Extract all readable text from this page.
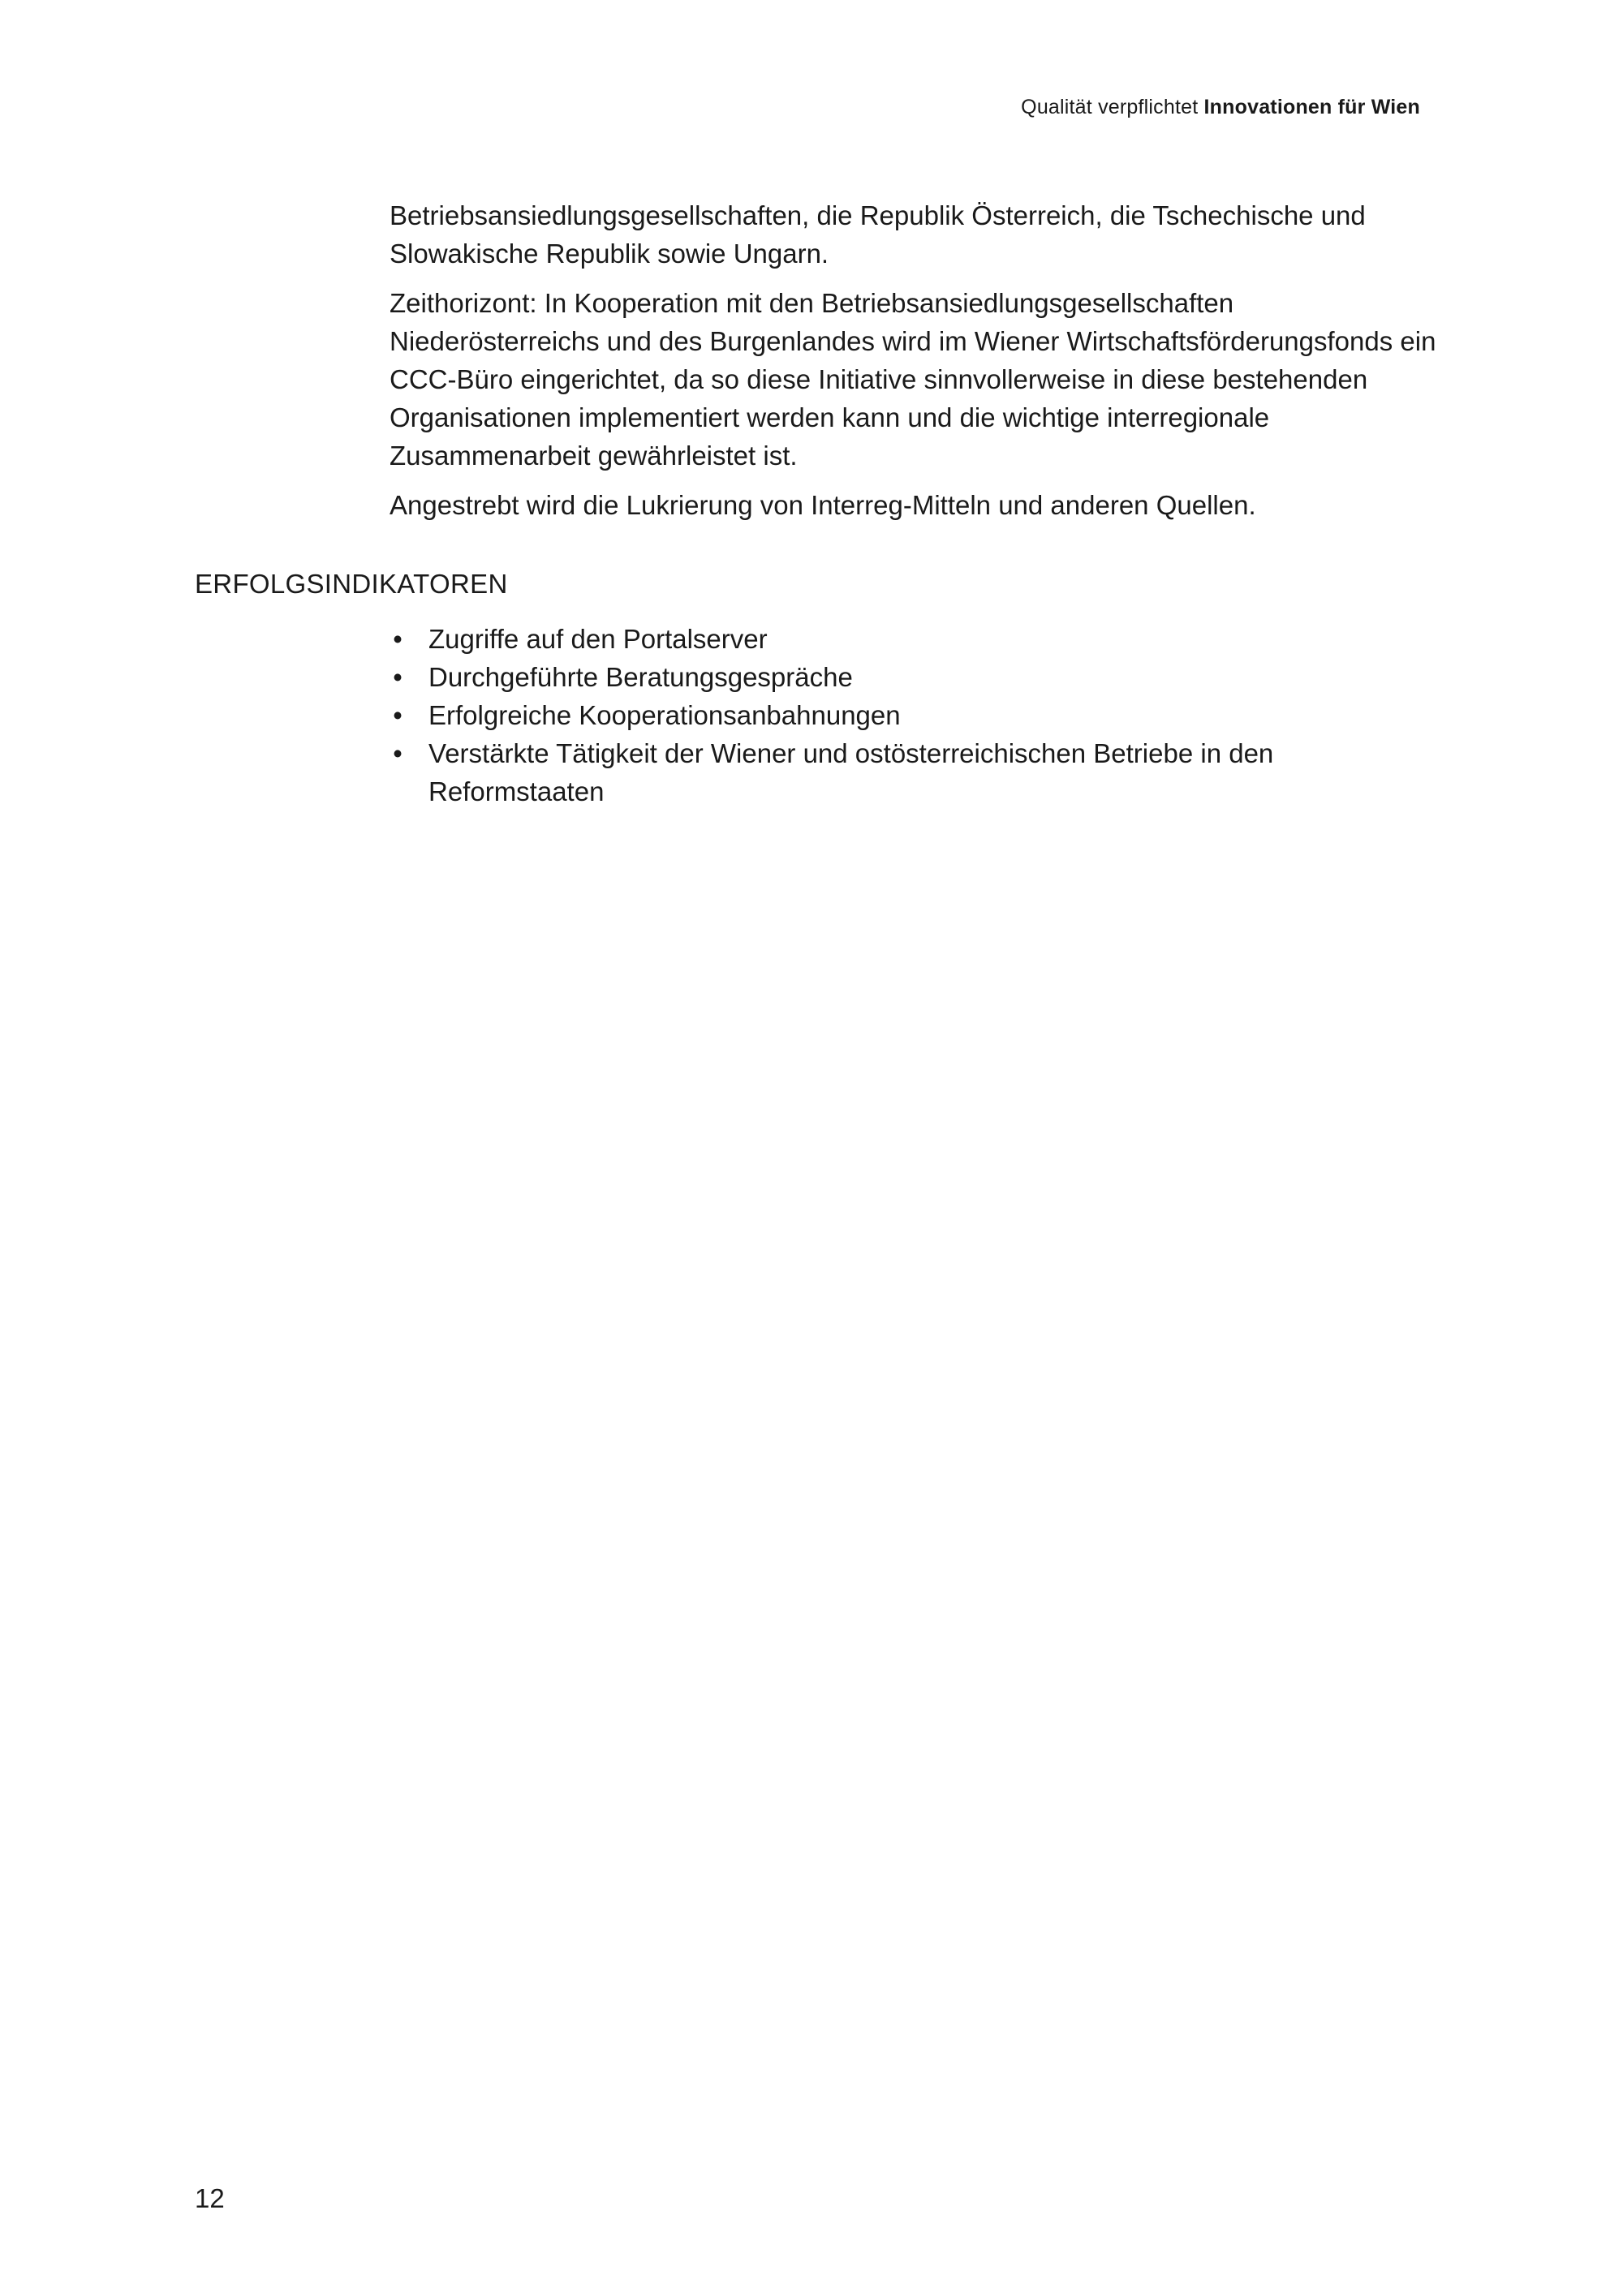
Qualität verpflichtet Innovationen für Wien

Betriebsansiedlungsgesellschaften, die Republik Österreich, die Tschechische und Slowakische Republik sowie Ungarn.

Zeithorizont: In Kooperation mit den Betriebsansiedlungsgesellschaften Niederösterreichs und des Burgenlandes wird im Wiener Wirtschaftsförderungsfonds ein CCC-Büro eingerichtet, da so diese Initiative sinnvollerweise in diese bestehenden Organisationen implementiert werden kann und die wichtige interregionale Zusammenarbeit gewährleistet ist.

Angestrebt wird die Lukrierung von Interreg-Mitteln und anderen Quellen.

ERFOLGSINDIKATOREN
• Zugriffe auf den Portalserver
• Durchgeführte Beratungsgespräche
• Erfolgreiche Kooperationsanbahnungen
• Verstärkte Tätigkeit der Wiener und ostösterreichischen Betriebe in den Reformstaaten
12
